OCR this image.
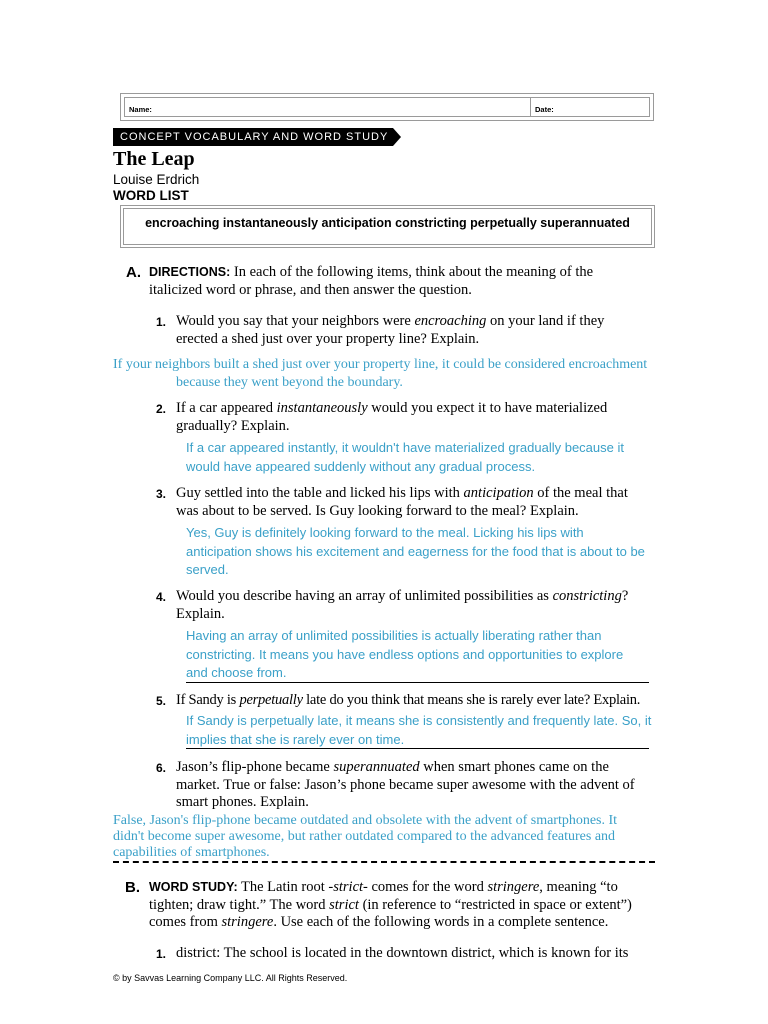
Name:	Date:
CONCEPT VOCABULARY AND WORD STUDY
The Leap
Louise Erdrich
WORD LIST
encroaching instantaneously anticipation constricting perpetually superannuated
A. DIRECTIONS: In each of the following items, think about the meaning of the italicized word or phrase, and then answer the question.
1. Would you say that your neighbors were encroaching on your land if they erected a shed just over your property line? Explain.
If your neighbors built a shed just over your property line, it could be considered encroachment because they went beyond the boundary.
2. If a car appeared instantaneously would you expect it to have materialized gradually? Explain.
If a car appeared instantly, it wouldn't have materialized gradually because it would have appeared suddenly without any gradual process.
3. Guy settled into the table and licked his lips with anticipation of the meal that was about to be served. Is Guy looking forward to the meal? Explain.
Yes, Guy is definitely looking forward to the meal. Licking his lips with anticipation shows his excitement and eagerness for the food that is about to be served.
4. Would you describe having an array of unlimited possibilities as constricting? Explain.
Having an array of unlimited possibilities is actually liberating rather than constricting. It means you have endless options and opportunities to explore and choose from.
5. If Sandy is perpetually late do you think that means she is rarely ever late? Explain.
If Sandy is perpetually late, it means she is consistently and frequently late. So, it implies that she is rarely ever on time.
6. Jason’s flip-phone became superannuated when smart phones came on the market. True or false: Jason’s phone became super awesome with the advent of smart phones. Explain.
False, Jason's flip-phone became outdated and obsolete with the advent of smartphones. It didn't become super awesome, but rather outdated compared to the advanced features and capabilities of smartphones.
B. WORD STUDY: The Latin root -strict- comes for the word stringere, meaning “to tighten; draw tight.” The word strict (in reference to “restricted in space or extent”) comes from stringere. Use each of the following words in a complete sentence.
1. district: The school is located in the downtown district, which is known for its
© by Savvas Learning Company LLC. All Rights Reserved.
